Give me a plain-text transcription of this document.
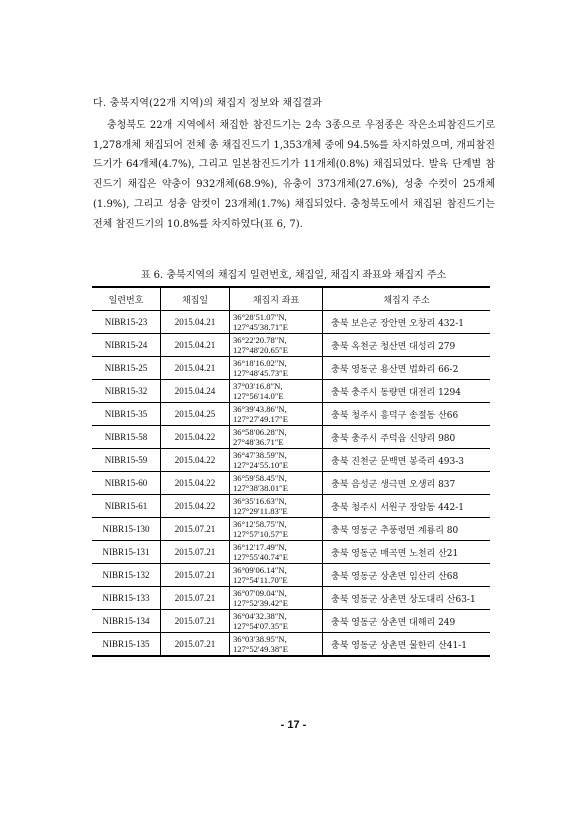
다. 충북지역(22개 지역)의 채집지 정보와 채집결과

충청북도 22개 지역에서 채집한 참진드기는 2속 3종으로 우점종은 작은소피참진드기로 1,278개체 채집되어 전체 총 채집진드기 1,353개체 중에 94.5%를 차지하였으며, 개피참진드기가 64개체(4.7%), 그리고 일본참진드기가 11개체(0.8%) 채집되었다. 발육 단계별 참진드기 채집은 약충이 932개체(68.9%), 유충이 373개체(27.6%), 성충 수컷이 25개체(1.9%), 그리고 성충 암컷이 23개체(1.7%) 채집되었다. 충청북도에서 채집된 참진드기는 전체 참진드기의 10.8%를 차지하였다(표 6, 7).

표 6. 충북지역의 채집지 일련번호, 채집일, 채집지 좌표와 채집지 주소
일련번호	채집일	채집지 좌표	채집지 주소
NIBR15-23	2015.04.21	36°28′51.07″N,
127°45′38.71″E	충북 보은군 장안면 오창리 432-1
NIBR15-24	2015.04.21	36°22′20.78″N,
127°48′20.65″E	충북 옥천군 청산면 대성리 279
NIBR15-25	2015.04.21	36°18′16.02″N,
127°48′45.73″E	충북 영동군 용산면 법화리 66-2
NIBR15-32	2015.04.24	37°03′16.8″N,
127°56′14.0″E	충북 충주시 동량면 대전리 1294
NIBR15-35	2015.04.25	36°39′43.86″N,
127°27′49.17″E	충북 청주시 흥덕구 송절동 산66
NIBR15-58	2015.04.22	36°58′06.28″N,
27°48′36.71″E	충북 충주시 주덕읍 신양리 980
NIBR15-59	2015.04.22	36°47′38.59″N,
127°24′55.10″E	충북 진천군 문백면 봉죽리 493-3
NIBR15-60	2015.04.22	36°59′58.45″N,
127°38′38.01″E	충북 음성군 생극면 오생리 837
NIBR15-61	2015.04.22	36°35′16.63″N,
127°29′11.83″E	충북 청주시 서원구 장암동 442-1
NIBR15-130	2015.07.21	36°12′58.75″N,
127°57′10.57″E	충북 영동군 추풍령면 계룡리 80
NIBR15-131	2015.07.21	36°12′17.49″N,
127°55′40.74″E	충북 영동군 매곡면 노천리 산21
NIBR15-132	2015.07.21	36°09′06.14″N,
127°54′11.70″E	충북 영동군 상촌면 임산리 산68
NIBR15-133	2015.07.21	36°07′09.04″N,
127°52′39.42″E	충북 영동군 상촌면 상도대리 산63-1
NIBR15-134	2015.07.21	36°04′32.38″N,
127°54′07.35″E	충북 영동군 상촌면 대해리 249
NIBR15-135	2015.07.21	36°03′38.95″N,
127°52′49.38″E	충북 영동군 상촌면 물한리 산41-1
- 17 -
